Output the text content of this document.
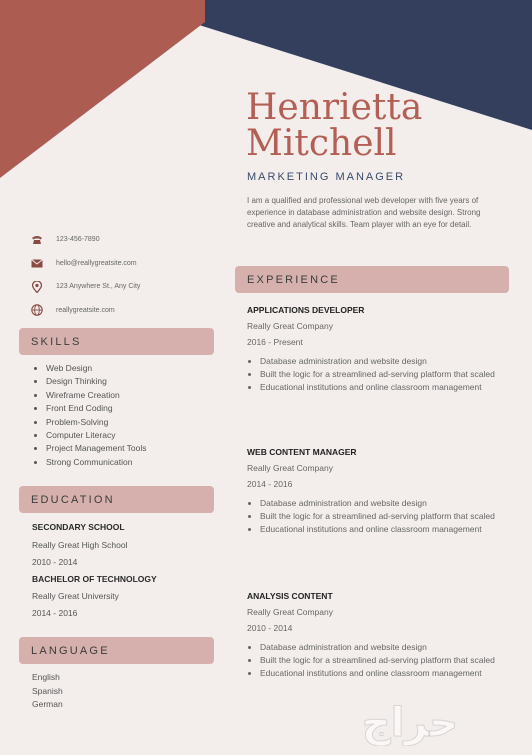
Henrietta
Mitchell
MARKETING MANAGER
I am a qualified and professional web developer with five years of experience in database administration and website design. Strong creative and analytical skills. Team player with an eye for detail.
123-456-7890
hello@reallygreatsite.com
123 Anywhere St., Any City
reallygreatsite.com
SKILLS
• Web Design
• Design Thinking
• Wireframe Creation
• Front End Coding
• Problem-Solving
• Computer Literacy
• Project Management Tools
• Strong Communication
EDUCATION
SECONDARY SCHOOL
Really Great High School
2010 - 2014
BACHELOR OF TECHNOLOGY
Really Great University
2014 - 2016
LANGUAGE
English
Spanish
German
EXPERIENCE
APPLICATIONS DEVELOPER
Really Great Company
2016 - Present
• Database administration and website design
• Built the logic for a streamlined ad-serving platform that scaled
• Educational institutions and online classroom management
WEB CONTENT MANAGER
Really Great Company
2014 - 2016
• Database administration and website design
• Built the logic for a streamlined ad-serving platform that scaled
• Educational institutions and online classroom management
ANALYSIS CONTENT
Really Great Company
2010 - 2014
• Database administration and website design
• Built the logic for a streamlined ad-serving platform that scaled
• Educational institutions and online classroom management
حراج
